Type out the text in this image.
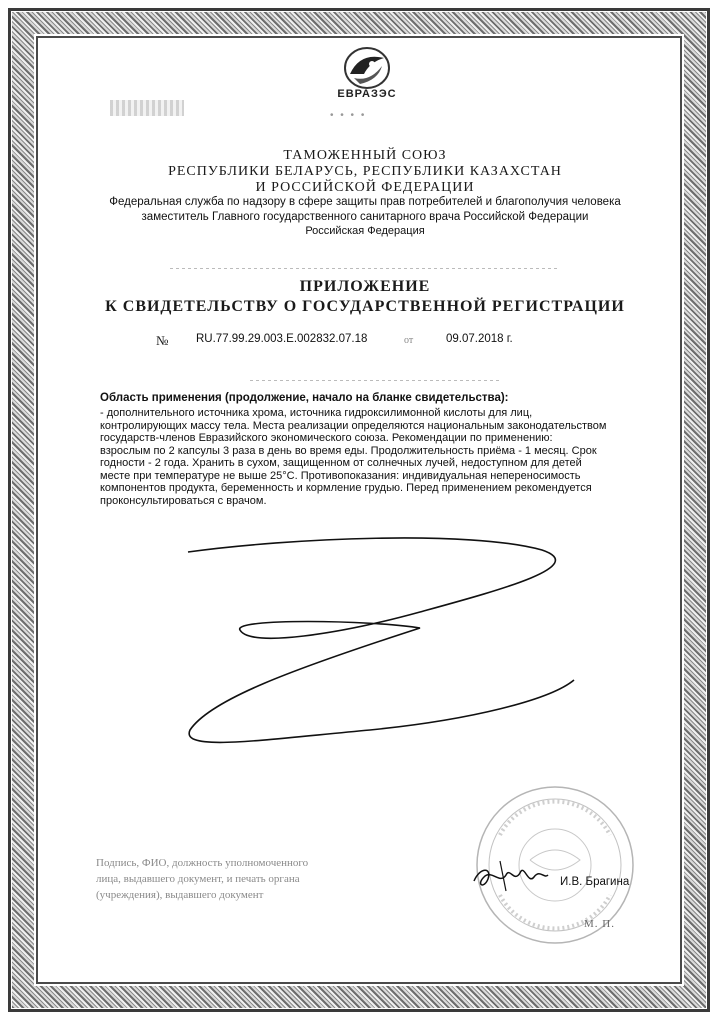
ЕВРАЗЭС
• • • •
ТАМОЖЕННЫЙ СОЮЗ
РЕСПУБЛИКИ БЕЛАРУСЬ, РЕСПУБЛИКИ КАЗАХСТАН
И РОССИЙСКОЙ ФЕДЕРАЦИИ
Федеральная служба по надзору в сфере защиты прав потребителей и благополучия человека
заместитель Главного государственного санитарного врача Российской Федерации
Российская Федерация
ПРИЛОЖЕНИЕ
К СВИДЕТЕЛЬСТВУ О ГОСУДАРСТВЕННОЙ РЕГИСТРАЦИИ
№ RU.77.99.29.003.Е.002832.07.18	от	09.07.2018 г.
Область применения (продолжение, начало на бланке свидетельства):
- дополнительного источника хрома, источника гидроксилимонной кислоты для лиц,
контролирующих массу тела. Места реализации определяются национальным законодательством
государств-членов Евразийского экономического союза. Рекомендации по применению:
взрослым по 2 капсулы 3 раза в день во время еды. Продолжительность приёма - 1 месяц. Срок
годности - 2 года. Хранить в сухом, защищенном от солнечных лучей, недоступном для детей
месте при температуре не выше 25°С. Противопоказания: индивидуальная непереносимость
компонентов продукта, беременность и кормление грудью. Перед применением рекомендуется
проконсультироваться с врачом.
Подпись, ФИО, должность уполномоченного
лица, выдавшего документ, и печать органа
(учреждения), выдавшего документ
И.В. Брагина
М. П.
